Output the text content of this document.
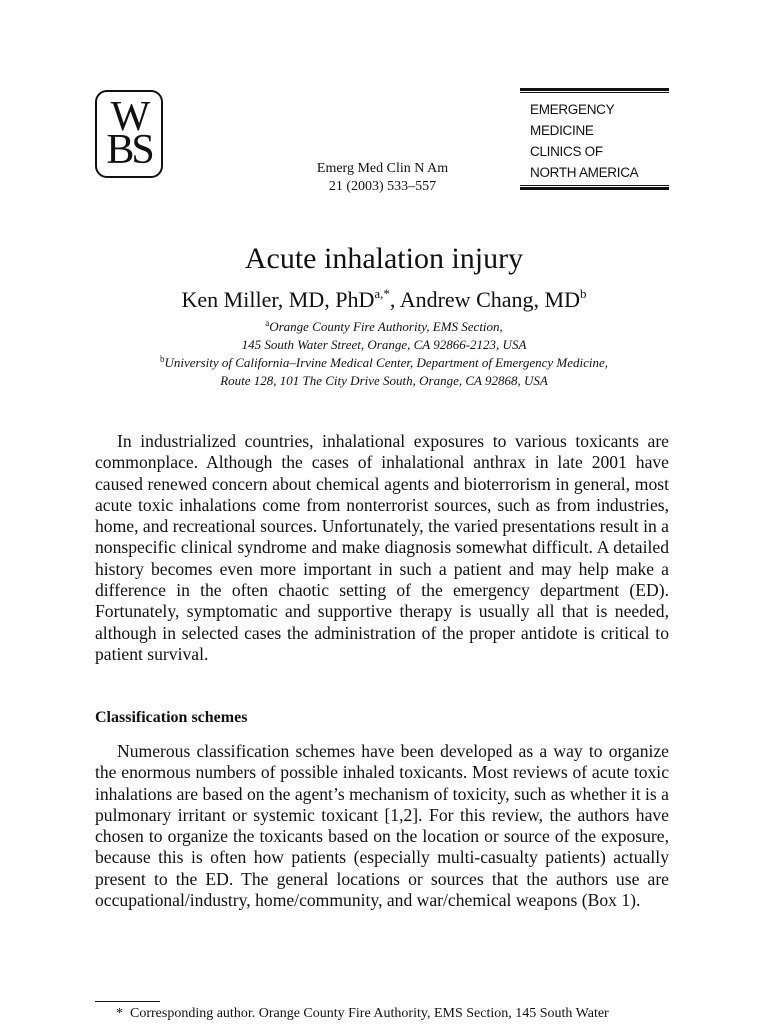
W
BS	Emerg Med Clin N Am
21 (2003) 533–557
EMERGENCY
MEDICINE
CLINICS OF
NORTH AMERICA
Acute inhalation injury
Ken Miller, MD, PhD$^{a,*}$, Andrew Chang, $MD^b$
$^a$Orange County Fire Authority, EMS Section,
145 South Water Street, Orange, CA 92866-2123, USA
$^b$University of California–Irvine Medical Center, Department of Emergency Medicine,
Route 128, 101 The City Drive South, Orange, CA 92868, USA
In industrialized countries, inhalational exposures to various toxicants are commonplace. Although the cases of inhalational anthrax in late 2001 have caused renewed concern about chemical agents and bioterrorism in general, most acute toxic inhalations come from nonterrorist sources, such as from industries, home, and recreational sources. Unfortunately, the varied presentations result in a nonspecific clinical syndrome and make diagnosis somewhat difficult. A detailed history becomes even more important in such a patient and may help make a difference in the often chaotic setting of the emergency department (ED). Fortunately, symptomatic and supportive therapy is usually all that is needed, although in selected cases the administration of the proper antidote is critical to patient survival.
Classification schemes
Numerous classification schemes have been developed as a way to organize the enormous numbers of possible inhaled toxicants. Most reviews of acute toxic inhalations are based on the agent’s mechanism of toxicity, such as whether it is a pulmonary irritant or systemic toxicant [1,2]. For this review, the authors have chosen to organize the toxicants based on the location or source of the exposure, because this is often how patients (especially multi-casualty patients) actually present to the ED. The general locations or sources that the authors use are occupational/industry, home/community, and war/chemical weapons (Box 1).
* Corresponding author. Orange County Fire Authority, EMS Section, 145 South Water
